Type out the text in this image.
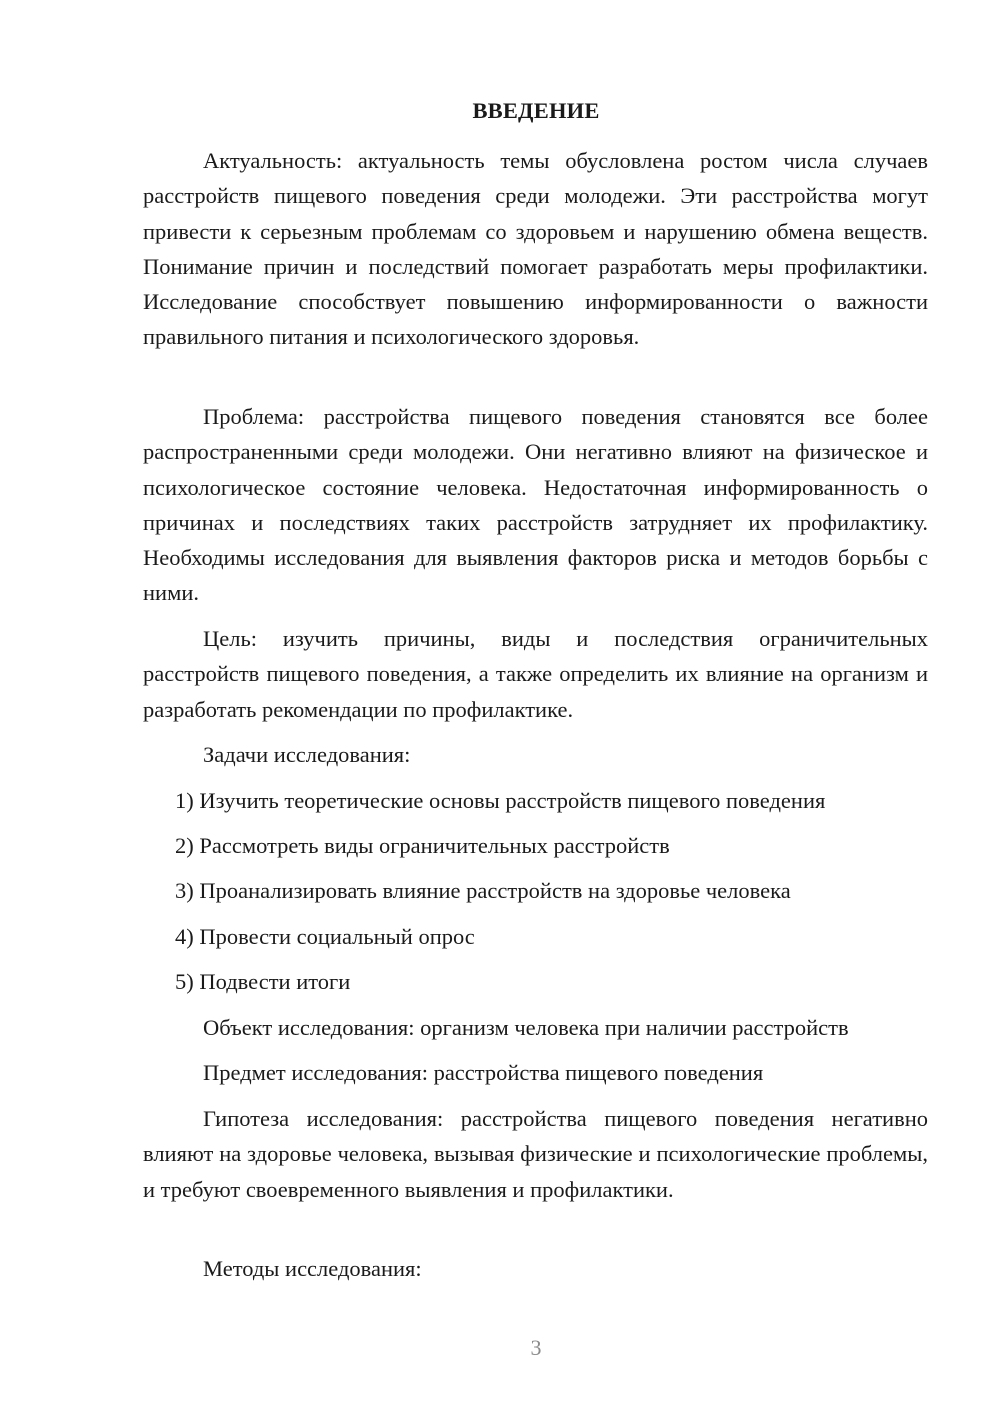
ВВЕДЕНИЕ

Актуальность: актуальность темы обусловлена ростом числа случаев расстройств пищевого поведения среди молодежи. Эти расстройства могут привести к серьезным проблемам со здоровьем и нарушению обмена веществ. Понимание причин и последствий помогает разработать меры профилактики. Исследование способствует повышению информированности о важности правильного питания и психологического здоровья.

Проблема: расстройства пищевого поведения становятся все более распространенными среди молодежи. Они негативно влияют на физическое и психологическое состояние человека. Недостаточная информированность о причинах и последствиях таких расстройств затрудняет их профилактику. Необходимы исследования для выявления факторов риска и методов борьбы с ними.

Цель: изучить причины, виды и последствия ограничительных расстройств пищевого поведения, а также определить их влияние на организм и разработать рекомендации по профилактике.

Задачи исследования:
1) Изучить теоретические основы расстройств пищевого поведения
2) Рассмотреть виды ограничительных расстройств
3) Проанализировать влияние расстройств на здоровье человека
4) Провести социальный опрос
5) Подвести итоги
Объект исследования: организм человека при наличии расстройств
Предмет исследования: расстройства пищевого поведения

Гипотеза исследования: расстройства пищевого поведения негативно влияют на здоровье человека, вызывая физические и психологические проблемы, и требуют своевременного выявления и профилактики.

Методы исследования:
3
